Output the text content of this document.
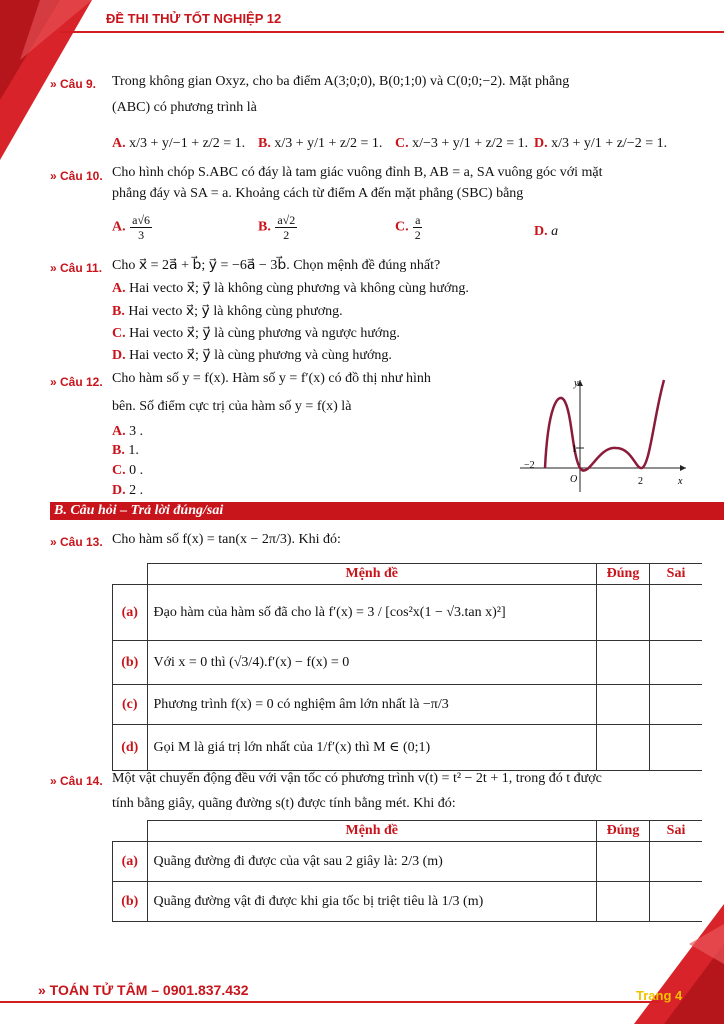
ĐỀ THI THỬ TỐT NGHIỆP 12
» Câu 9. Trong không gian Oxyz, cho ba điểm A(3;0;0), B(0;1;0) và C(0;0;−2). Mặt phẳng
(ABC) có phương trình là
A. x/3 + y/−1 + z/2 = 1. B. x/3 + y/1 + z/2 = 1. C. x/−3 + y/1 + z/2 = 1. D. x/3 + y/1 + z/−2 = 1.
» Câu 10. Cho hình chóp S.ABC có đáy là tam giác vuông đỉnh B, AB = a, SA vuông góc với mặt
phẳng đáy và SA = a. Khoảng cách từ điểm A đến mặt phẳng (SBC) bằng
A. $\frac{a√6}{3}$	B. $\frac{a√2}{2}$	C. $\frac{a}{2}$	D. a
» Câu 11. Cho x⃗ = 2a⃗ + b⃗; y⃗ = −6a⃗ − 3b⃗. Chọn mệnh đề đúng nhất?
A. Hai vecto x⃗; y⃗ là không cùng phương và không cùng hướng.
B. Hai vecto x⃗; y⃗ là không cùng phương.
C. Hai vecto x⃗; y⃗ là cùng phương và ngược hướng.
D. Hai vecto x⃗; y⃗ là cùng phương và cùng hướng.
» Câu 12. Cho hàm số y = f(x). Hàm số y = f′(x) có đồ thị như hình
bên. Số điểm cực trị của hàm số y = f(x) là
A. 3 .
B. 1.
C. 0 .
D. 2 .
y
x
O
−2
2
1
B. Câu hỏi – Trả lời đúng/sai
» Câu 13. Cho hàm số f(x) = tan(x − 2π/3). Khi đó:
	Mệnh đề	Đúng	Sai
(a)	Đạo hàm của hàm số đã cho là f′(x) = 3 / [cos²x(1 − √3.tan x)²]		
(b)	Với x = 0 thì (√3/4).f′(x) − f(x) = 0		
(c)	Phương trình f(x) = 0 có nghiệm âm lớn nhất là −π/3		
(d)	Gọi M là giá trị lớn nhất của 1/f′(x) thì M ∈ (0;1)		
» Câu 14. Một vật chuyển động đều với vận tốc có phương trình v(t) = t² − 2t + 1, trong đó t được
tính bằng giây, quãng đường s(t) được tính bằng mét. Khi đó:
	Mệnh đề	Đúng	Sai
(a)	Quãng đường đi được của vật sau 2 giây là: 2/3 (m)		
(b)	Quãng đường vật đi được khi gia tốc bị triệt tiêu là 1/3 (m)		
» TOÁN TỬ TÂM – 0901.837.432	Trang 4
